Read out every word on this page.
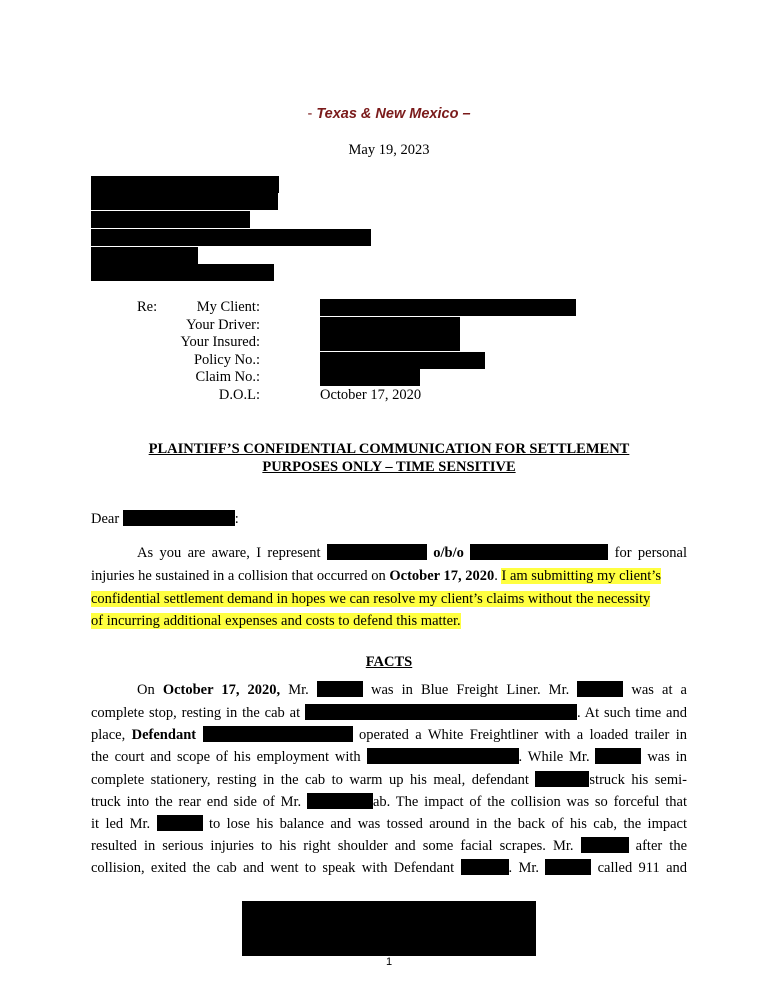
- Texas & New Mexico –
May 19, 2023
Re:	My Client:
Your Driver:
Your Insured:
Policy No.:
Claim No.:
D.O.L:	October 17, 2020
PLAINTIFF’S CONFIDENTIAL COMMUNICATION FOR SETTLEMENT
PURPOSES ONLY – TIME SENSITIVE
Dear	:
As you are aware, I represent	o/b/o	for personal
injuries he sustained in a collision that occurred on October 17, 2020. I am submitting my client’s
confidential settlement demand in hopes we can resolve my client’s claims without the necessity
of incurring additional expenses and costs to defend this matter.
FACTS
On October 17, 2020, Mr.	was in Blue Freight Liner. Mr.	was at a
complete stop, resting in the cab at	. At such time and
place, Defendant	operated a White Freightliner with a loaded trailer in
the court and scope of his employment with	. While Mr.	was in
complete stationery, resting in the cab to warm up his meal, defendant	struck his semi-
truck into the rear end side of Mr.	ab. The impact of the collision was so forceful that
it led Mr.	to lose his balance and was tossed around in the back of his cab, the impact
resulted in serious injuries to his right shoulder and some facial scrapes. Mr.	after the
collision, exited the cab and went to speak with Defendant	. Mr.	called 911 and
1
